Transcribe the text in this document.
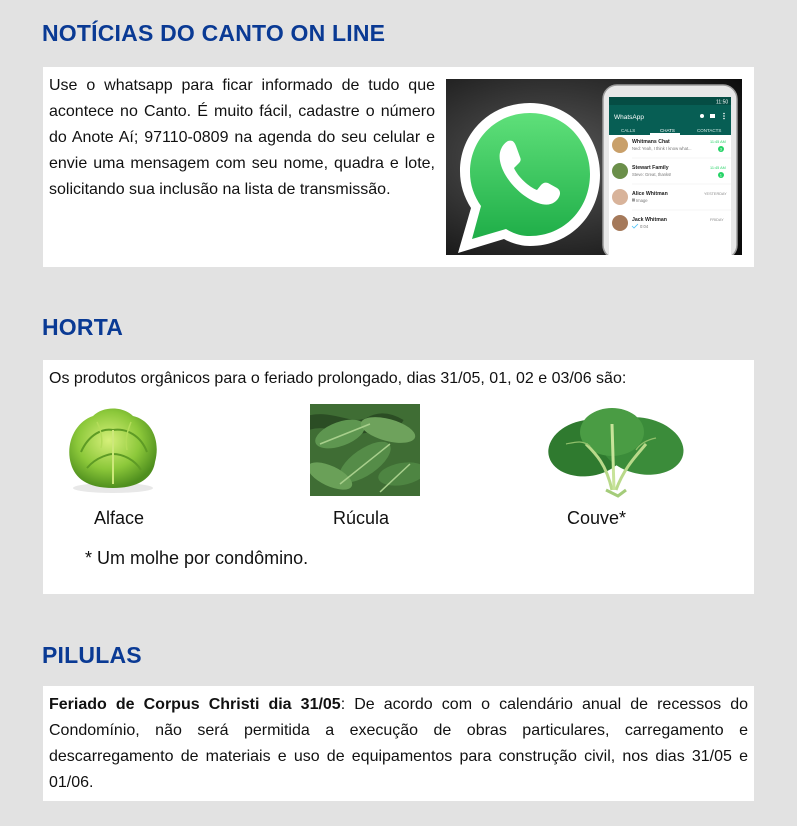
NOTÍCIAS DO CANTO ON LINE
Use o whatsapp para ficar informado de tudo que acontece no Canto. É muito fácil, cadastre o número do Anote Aí; 97110-0809 na agenda do seu celular e envie uma mensagem com seu nome, quadra e lote, solicitando sua inclusão na lista de transmissão.
11:50
WhatsApp
CALLS	CHATS	CONTACTS
Whitmans Chat
Ned: Yeah, I think I know what...
11:45 AM
3
Stewart Family
Steve: Great, thanks!
11:45 AM
1
Alice Whitman
Image
YESTERDAY
Jack Whitman
0:04
FRIDAY
HORTA
Os produtos orgânicos para o feriado prolongado, dias 31/05, 01, 02 e 03/06 são:
Alface	Rúcula	Couve*
* Um molhe por condômino.
PILULAS
Feriado de Corpus Christi dia 31/05: De acordo com o calendário anual de recessos do Condomínio, não será permitida a execução de obras particulares, carregamento e descarregamento de materiais e uso de equipamentos para construção civil, nos dias 31/05 e 01/06.
